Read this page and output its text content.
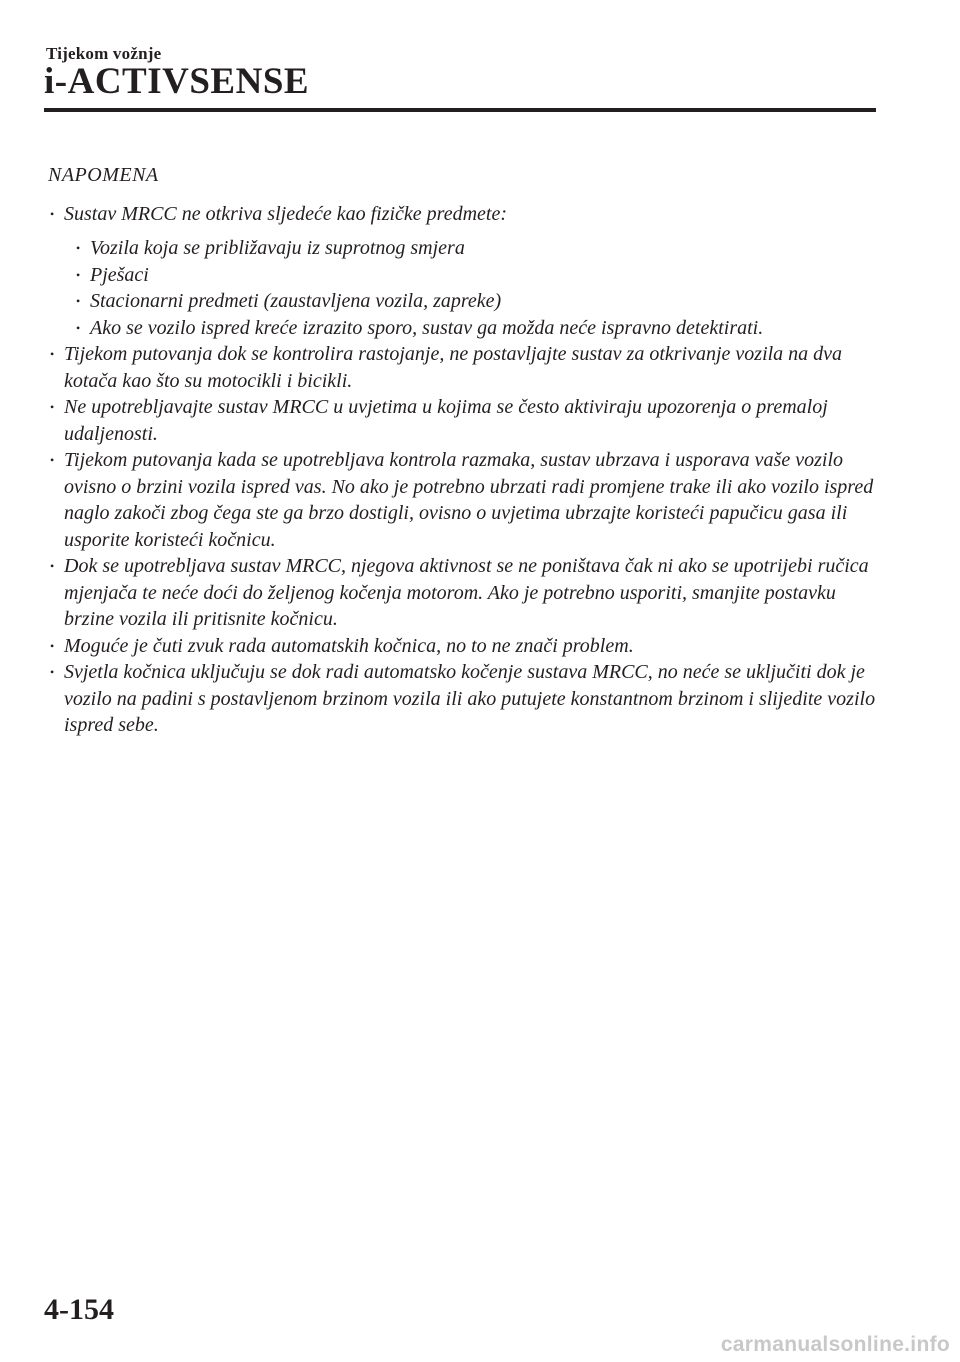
Tijekom vožnje
i-ACTIVSENSE
NAPOMENA
• Sustav MRCC ne otkriva sljedeće kao fizičke predmete:
• Vozila koja se približavaju iz suprotnog smjera
• Pješaci
• Stacionarni predmeti (zaustavljena vozila, zapreke)
• Ako se vozilo ispred kreće izrazito sporo, sustav ga možda neće ispravno detektirati.
• Tijekom putovanja dok se kontrolira rastojanje, ne postavljajte sustav za otkrivanje vozila na dva kotača kao što su motocikli i bicikli.
• Ne upotrebljavajte sustav MRCC u uvjetima u kojima se često aktiviraju upozorenja o premaloj udaljenosti.
• Tijekom putovanja kada se upotrebljava kontrola razmaka, sustav ubrzava i usporava vaše vozilo ovisno o brzini vozila ispred vas. No ako je potrebno ubrzati radi promjene trake ili ako vozilo ispred naglo zakoči zbog čega ste ga brzo dostigli, ovisno o uvjetima ubrzajte koristeći papučicu gasa ili usporite koristeći kočnicu.
• Dok se upotrebljava sustav MRCC, njegova aktivnost se ne poništava čak ni ako se upotrijebi ručica mjenjača te neće doći do željenog kočenja motorom. Ako je potrebno usporiti, smanjite postavku brzine vozila ili pritisnite kočnicu.
• Moguće je čuti zvuk rada automatskih kočnica, no to ne znači problem.
• Svjetla kočnica uključuju se dok radi automatsko kočenje sustava MRCC, no neće se uključiti dok je vozilo na padini s postavljenom brzinom vozila ili ako putujete konstantnom brzinom i slijedite vozilo ispred sebe.
4-154
carmanualsonline.info
